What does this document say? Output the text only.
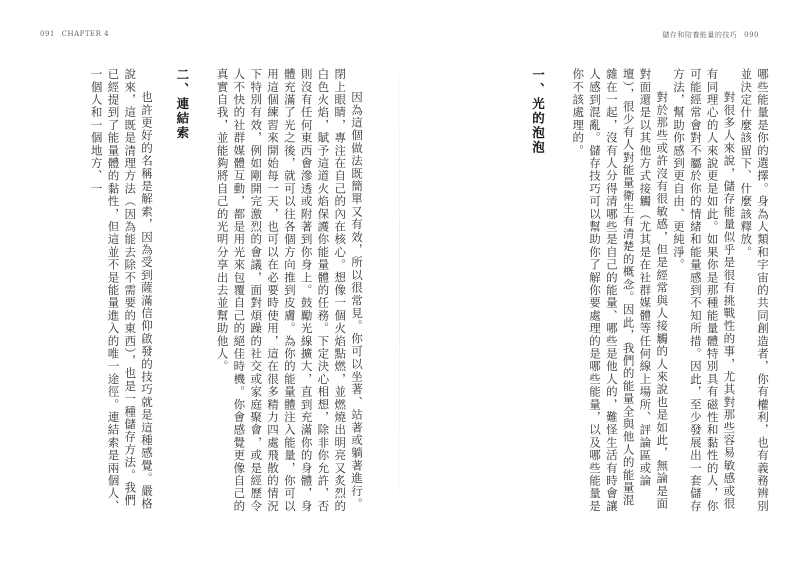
091 CHAPTER 4

因為這個做法既簡單又有效，所以很常見。你可以坐著、站著或躺著進行。閉上眼睛，專注在自己的內在核心。想像一個火焰點燃，並燃燒出明亮又炙烈的白色火焰，賦予這道火焰保護你能量體的任務。下定決心相想，除非你允許，否則沒有任何東西會滲透或附著到你身上。鼓勵光線擴大，直到充滿你的身體，身體充滿了光之後，就可以往各個方向推到皮膚。為你的能量體注入能量，你可以用這個練習來開始每一天，也可以在必要時使用，這在很多精力四處飛散的情況下特別有效，例如剛開完激烈的會議，面對煩躁的社交或家庭聚會，或是經歷令人不快的社群媒體互動，都是用光來包覆自己的絕佳時機。你會感覺更像自己的真實自我，並能夠將自己的光明分享出去並幫助他人。

二、連結索

也許更好的名稱是解索，因為受到薩滿信仰啟發的技巧就是這種感覺。嚴格說來，這既是清理方法（因為能去除不需要的東西），也是一種儲存方法。我們已經提到了能量體的黏性，但這並不是能量進入的唯一途徑。連結索是兩個人、一個人和一個地方、一

儲存和陪養能量的技巧 090

哪些能量是你的選擇。身為人類和宇宙的共同創造者，你有權利，也有義務辨別並決定什麼該留下、什麼該釋放。

對很多人來說，儲存能量似乎是很有挑戰性的事，尤其對那些容易敏感或很有同理心的人來說更是如此。如果你是那種能量體特別具有磁性和黏性的人，你可能經常會對不屬於你的情緒和能量感到不知所措。因此，至少發展出一套儲存方法，幫助你感到更自由、更純淨。

對於那些或許沒有很敏感，但是經常與人接觸的人來說也是如此，無論是面對面還是以其他方式接觸（尤其是在社群媒體等任何線上場所、評論區或論壇），很少有人對能量衛生有清楚的概念。因此，我們的能量全與他人的能量混雜在一起，沒有人分得清哪些是自己的能量、哪些是他人的，難怪生活有時會讓人感到混亂。儲存技巧可以幫助你了解你要處理的是哪些能量，以及哪些能量是你不該處理的。

一、光的泡泡
